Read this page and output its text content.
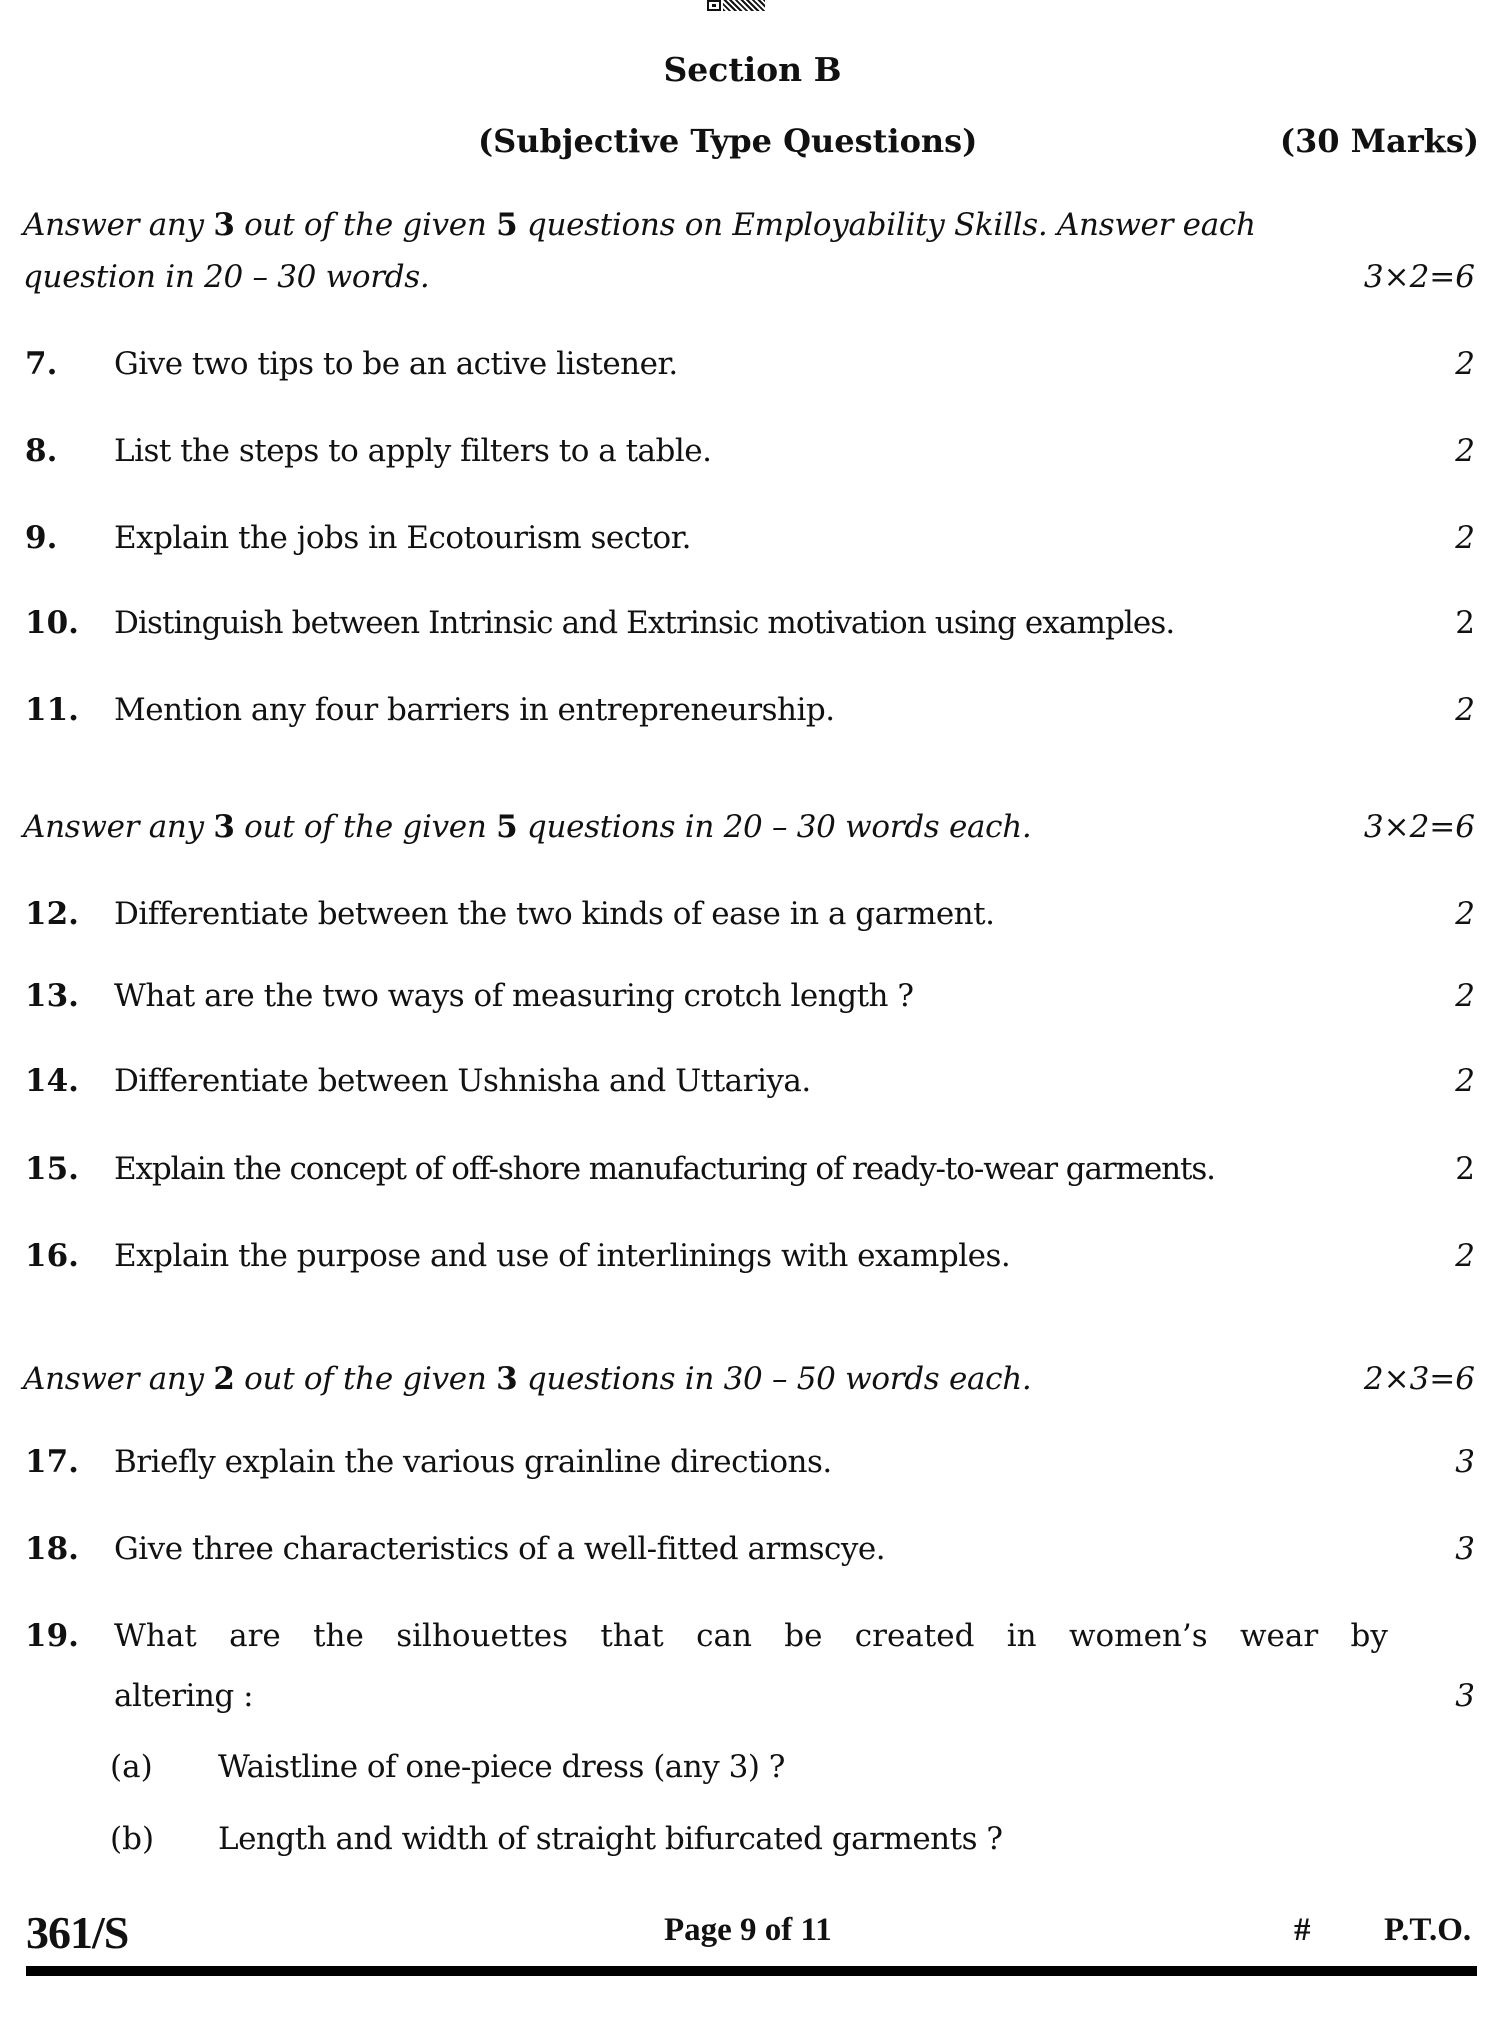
Section B
(Subjective Type Questions)	(30 Marks)
Answer any 3 out of the given 5 questions on Employability Skills. Answer each
question in 20 – 30 words.	3×2=6
7. Give two tips to be an active listener.	2
8. List the steps to apply filters to a table.	2
9. Explain the jobs in Ecotourism sector.	2
10. Distinguish between Intrinsic and Extrinsic motivation using examples.	2
11. Mention any four barriers in entrepreneurship.	2
Answer any 3 out of the given 5 questions in 20 – 30 words each.	3×2=6
12. Differentiate between the two kinds of ease in a garment.	2
13. What are the two ways of measuring crotch length ?	2
14. Differentiate between Ushnisha and Uttariya.	2
15. Explain the concept of off-shore manufacturing of ready-to-wear garments.	2
16. Explain the purpose and use of interlinings with examples.	2
Answer any 2 out of the given 3 questions in 30 – 50 words each.	2×3=6
17. Briefly explain the various grainline directions.	3
18. Give three characteristics of a well-fitted armscye.	3
19. What are the silhouettes that can be created in women’s wear by
altering :	3
(a) Waistline of one-piece dress (any 3) ?
(b) Length and width of straight bifurcated garments ?
361/S	Page 9 of 11	# P.T.O.
